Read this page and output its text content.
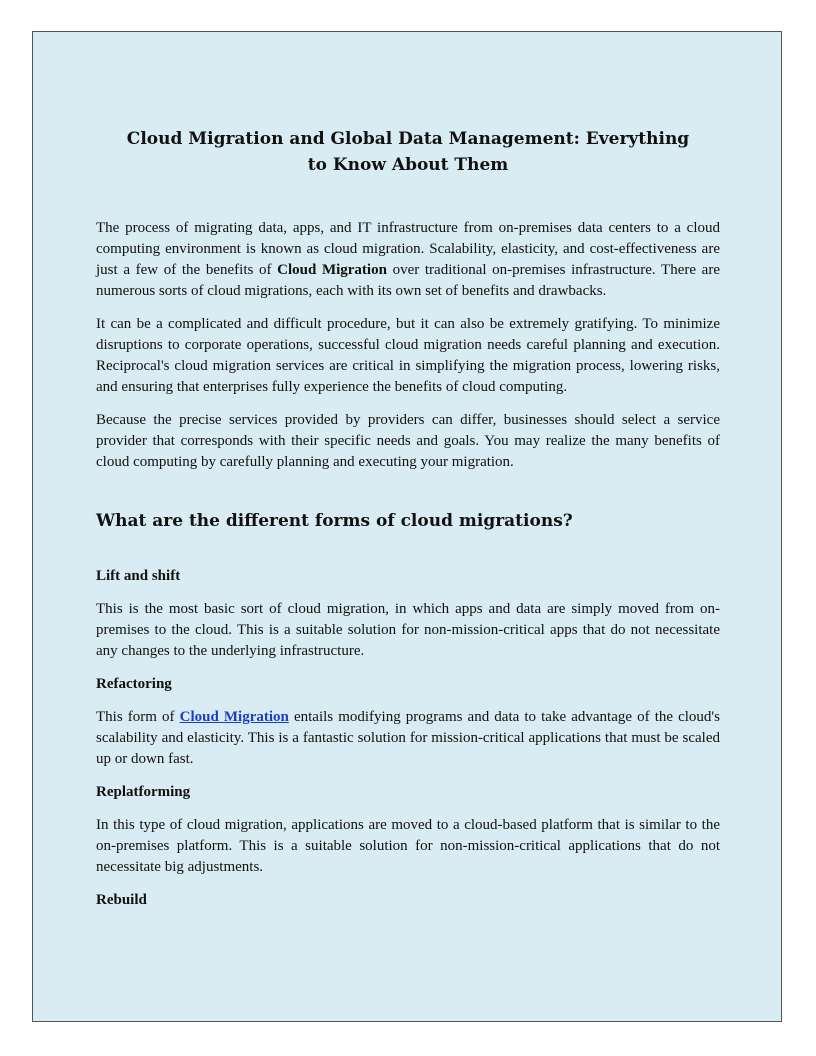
Cloud Migration and Global Data Management: Everything to Know About Them

The process of migrating data, apps, and IT infrastructure from on-premises data centers to a cloud computing environment is known as cloud migration. Scalability, elasticity, and cost-effectiveness are just a few of the benefits of Cloud Migration over traditional on-premises infrastructure. There are numerous sorts of cloud migrations, each with its own set of benefits and drawbacks.

It can be a complicated and difficult procedure, but it can also be extremely gratifying. To minimize disruptions to corporate operations, successful cloud migration needs careful planning and execution. Reciprocal's cloud migration services are critical in simplifying the migration process, lowering risks, and ensuring that enterprises fully experience the benefits of cloud computing.

Because the precise services provided by providers can differ, businesses should select a service provider that corresponds with their specific needs and goals. You may realize the many benefits of cloud computing by carefully planning and executing your migration.

What are the different forms of cloud migrations?
Lift and shift

This is the most basic sort of cloud migration, in which apps and data are simply moved from on-premises to the cloud. This is a suitable solution for non-mission-critical apps that do not necessitate any changes to the underlying infrastructure.

Refactoring

This form of Cloud Migration entails modifying programs and data to take advantage of the cloud's scalability and elasticity. This is a fantastic solution for mission-critical applications that must be scaled up or down fast.

Replatforming

In this type of cloud migration, applications are moved to a cloud-based platform that is similar to the on-premises platform. This is a suitable solution for non-mission-critical applications that do not necessitate big adjustments.

Rebuild
